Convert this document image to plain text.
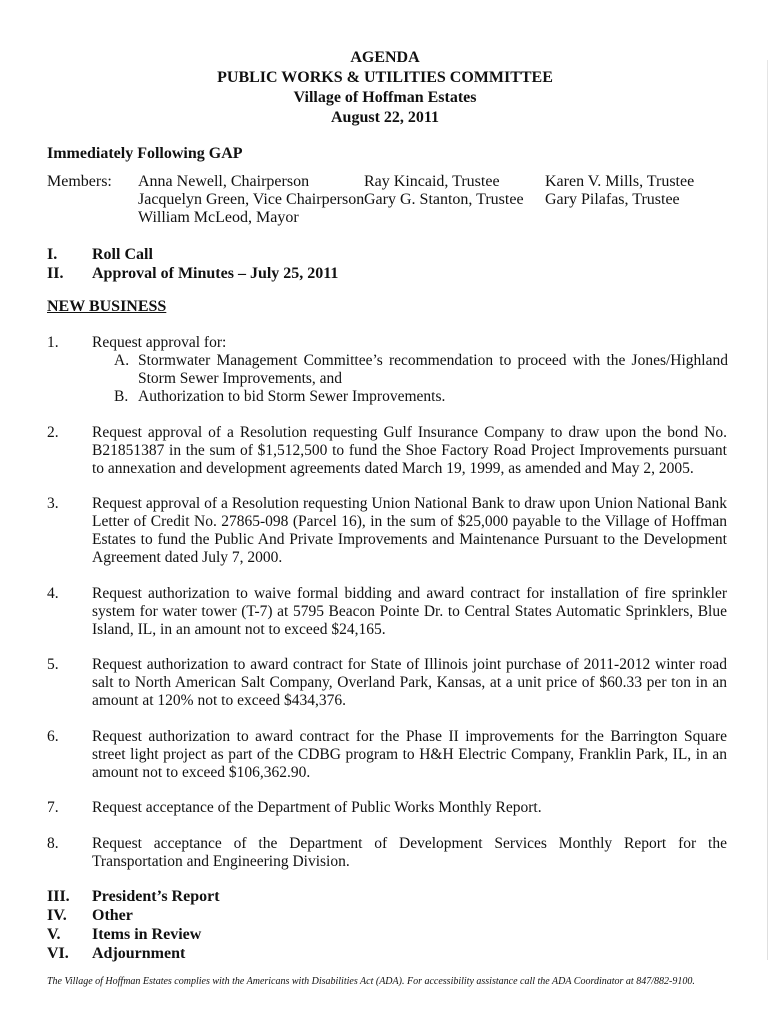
AGENDA
PUBLIC WORKS & UTILITIES COMMITTEE
Village of Hoffman Estates
August 22, 2011
Immediately Following GAP
Members: Anna Newell, Chairperson
Jacquelyn Green, Vice Chairperson
William McLeod, Mayor
Ray Kincaid, Trustee
Gary G. Stanton, Trustee
Karen V. Mills, Trustee
Gary Pilafas, Trustee
I. Roll Call
II. Approval of Minutes – July 25, 2011
NEW BUSINESS
1. Request approval for:
A. Stormwater Management Committee’s recommendation to proceed with the Jones/Highland Storm Sewer Improvements, and
B. Authorization to bid Storm Sewer Improvements.
2. Request approval of a Resolution requesting Gulf Insurance Company to draw upon the bond No. B21851387 in the sum of $1,512,500 to fund the Shoe Factory Road Project Improvements pursuant to annexation and development agreements dated March 19, 1999, as amended and May 2, 2005.
3. Request approval of a Resolution requesting Union National Bank to draw upon Union National Bank Letter of Credit No. 27865-098 (Parcel 16), in the sum of $25,000 payable to the Village of Hoffman Estates to fund the Public And Private Improvements and Maintenance Pursuant to the Development Agreement dated July 7, 2000.
4. Request authorization to waive formal bidding and award contract for installation of fire sprinkler system for water tower (T-7) at 5795 Beacon Pointe Dr. to Central States Automatic Sprinklers, Blue Island, IL, in an amount not to exceed $24,165.
5. Request authorization to award contract for State of Illinois joint purchase of 2011-2012 winter road salt to North American Salt Company, Overland Park, Kansas, at a unit price of $60.33 per ton in an amount at 120% not to exceed $434,376.
6. Request authorization to award contract for the Phase II improvements for the Barrington Square street light project as part of the CDBG program to H&H Electric Company, Franklin Park, IL, in an amount not to exceed $106,362.90.
7. Request acceptance of the Department of Public Works Monthly Report.
8. Request acceptance of the Department of Development Services Monthly Report for the Transportation and Engineering Division.
III. President’s Report
IV. Other
V. Items in Review
VI. Adjournment
The Village of Hoffman Estates complies with the Americans with Disabilities Act (ADA). For accessibility assistance call the ADA Coordinator at 847/882-9100.
